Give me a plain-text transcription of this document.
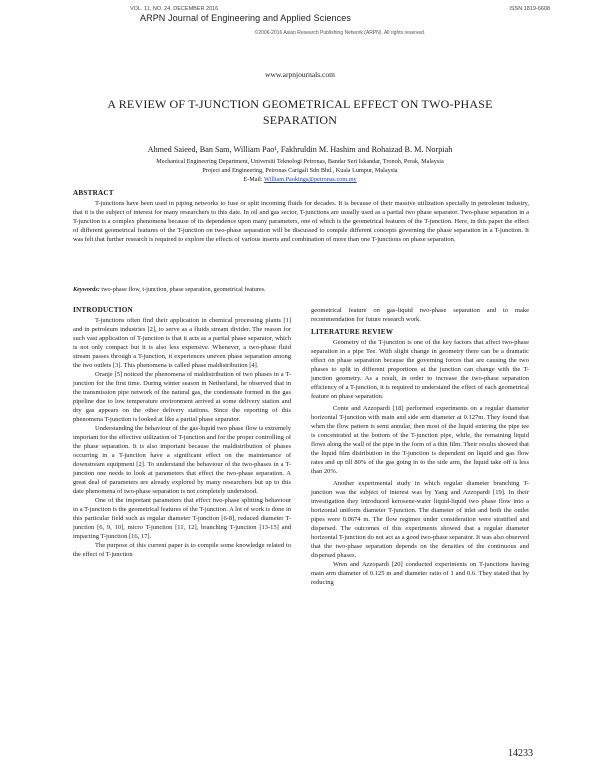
VOL. 11, NO. 24, DECEMBER 2016	ISSN 1819-6608
ARPN Journal of Engineering and Applied Sciences
©2006-2016 Asian Research Publishing Network (ARPN). All rights reserved.
www.arpnjournals.com
A REVIEW OF T-JUNCTION GEOMETRICAL EFFECT ON TWO-PHASE
SEPARATION
Ahmed Saieed, Ban Sam, William Pao¹, Fakhruldin M. Hashim and Rohaizad B. M. Norpiah
Mechanical Engineering Department, Universiti Teknologi Petronas, Bandar Seri Iskandar, Tronoh, Perak, Malaysia
Project and Engineering, Petronas Carigali Sdn Bhd., Kuala Lumpur, Malaysia
E-Mail: William.Paokings@petronas.com.my
ABSTRACT

T-junctions have been used in piping networks to fuse or split incoming fluids for decades. It is because of their massive utilization specially in petroleum industry, that it is the subject of interest for many researchers to this date. In oil and gas sector, T-junctions are usually used as a partial two phase separator. Two-phase separation in a T-junction is a complex phenomena because of its dependence upon many parameters, one of which is the geometrical features of the T-junction. Here, in this paper the effect of different geometrical features of the T-junction on two-phase separation will be discussed to compile different concepts governing the phase separation in a T-junction. It was felt that further research is required to explore the effects of various inserts and combination of more than one T-junctions on phase separation.

Keywords: two-phase flow, t-junction, phase separation, geometrical features.
INTRODUCTION

T-junctions often find their application in chemical processing plants [1] and in petroleum industries [2], to serve as a fluids stream divider. The reason for such vast application of T-junction is that it acts as a partial phase separator, which is not only compact but it is also less expensive. Whenever, a two-phase fluid stream passes through a T-junction, it experiences uneven phase separation among the two outlets [3]. This phenomena is called phase maldistribution [4].

Oranje [5] noticed the phenomena of maldistribution of two phases in a T-junction for the first time. During winter season in Netherland, he observed that in the transmission pipe network of the natural gas, the condensate formed in the gas pipeline due to low temperature environment arrived at some delivery station and dry gas appears on the other delivery stations. Since the reporting of this phenomena T-junction is looked at like a partial phase separator.

Understanding the behaviour of the gas-liquid two phase flow is extremely important for the effective utilization of T-junction and for the proper controlling of the phase separation. It is also important because the maldistribution of phases occurring in a T-junction have a significant effect on the maintenance of downstream equipment [2]. To understand the behaviour of the two-phases in a T-junction one needs to look at parameters that effect the two-phase separation. A great deal of parameters are already explored by many researchers but up to this date phenomena of two-phase separation is not completely understood.

One of the important parameters that effect two-phase splitting behaviour in a T-junction is the geometrical features of the T-junction. A lot of work is done in this particular field such as regular diameter T-junction [6-8], reduced diameter T-junction [6, 9, 10], micro T-junction [11, 12], branching T-junction [13-15] and impacting T-junction [16, 17].

The purpose of this current paper is to compile some knowledge related to the effect of T-junction

geometrical feature on gas-liquid two-phase separation and to make recommendation for future research work.

LITERATURE REVIEW

Geometry of the T-junction is one of the key factors that affect two-phase separation in a pipe Tee. With slight change in geometry there can be a dramatic effect on phase separation because the governing forces that are causing the two phases to split in different proportions at the junction can change with the T-junction geometry. As a result, in order to increase the two-phase separation efficiency of a T-junction, it is required to understand the effect of each geometrical feature on phase separation.

Conte and Azzopardi [18] performed experiments on a regular diameter horizontal T-junction with main and side arm diameter at 0.127m. They found that when the flow pattern is semi annular, then most of the liquid entering the pipe tee is concentrated at the bottom of the T-junction pipe, while, the remaining liquid flows along the wall of the pipe in the form of a thin film. Their results showed that the liquid film distribution in the T-junction is dependent on liquid and gas flow rates and up till 80% of the gas going in to the side arm, the liquid take off is less than 20%.

Another experimental study in which regular diameter branching T-junction was the subject of interest was by Yang and Azzopardi [19]. In their investigation they introduced kerosene-water liquid-liquid two phase flow into a horizontal uniform diameter T-junction. The diameter of inlet and both the outlet pipes were 0.0674 m. The flow regimes under consideration were stratified and dispersed. The outcomes of this experiments showed that a regular diameter horizontal T-junction do not act as a good two-phase separator. It was also observed that the two-phase separation depends on the densities of the continuous and dispersed phases.

Wren and Azzopardi [20] conducted experiments on T-junctions having main arm diameter of 0.125 m and diameter ratio of 1 and 0.6. They stated that by reducing

14233
